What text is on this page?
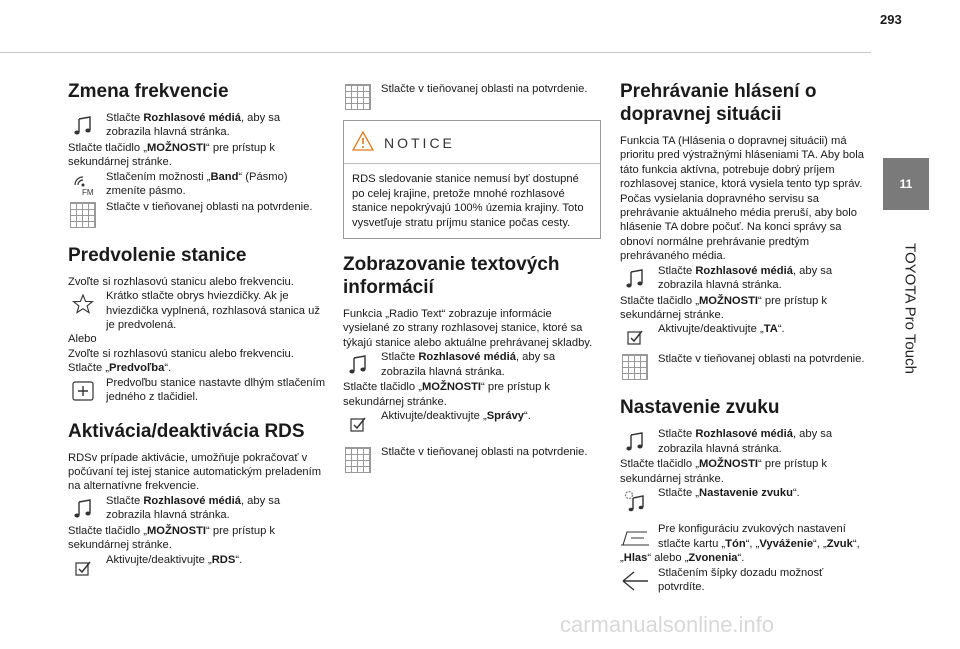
293
11
TOYOTA Pro Touch
Zmena frekvencie
Stlačte Rozhlasové médiá, aby sa zobrazila hlavná stránka.

Stlačte tlačidlo „MOŽNOSTI“ pre prístup k sekundárnej stránke.

FM
Stlačením možnosti „Band“ (Pásmo) zmeníte pásmo.
Stlačte v tieňovanej oblasti na potvrdenie.
Predvolenie stanice

Zvoľte si rozhlasovú stanicu alebo frekvenciu.

Krátko stlačte obrys hviezdičky. Ak je hviezdička vyplnená, rozhlasová stanica už je predvolená.

Alebo

Zvoľte si rozhlasovú stanicu alebo frekvenciu.

Stlačte „Predvoľba“.

Predvoľbu stanice nastavte dlhým stlačením jedného z tlačidiel.
Aktivácia/deaktivácia RDS

RDSv prípade aktivácie, umožňuje pokračovať v počúvaní tej istej stanice automatickým preladením na alternatívne frekvencie.

Stlačte Rozhlasové médiá, aby sa zobrazila hlavná stránka.

Stlačte tlačidlo „MOŽNOSTI“ pre prístup k sekundárnej stránke.

Aktivujte/deaktivujte „RDS“.
Stlačte v tieňovanej oblasti na potvrdenie.
NOTICE
RDS sledovanie stanice nemusí byť dostupné po celej krajine, pretože mnohé rozhlasové stanice nepokrývajú 100% územia krajiny. Toto vysvetľuje stratu príjmu stanice počas cesty.
Zobrazovanie textových informácií

Funkcia „Radio Text“ zobrazuje informácie vysielané zo strany rozhlasovej stanice, ktoré sa týkajú stanice alebo aktuálne prehrávanej skladby.

Stlačte Rozhlasové médiá, aby sa zobrazila hlavná stránka.

Stlačte tlačidlo „MOŽNOSTI“ pre prístup k sekundárnej stránke.

Aktivujte/deaktivujte „Správy“.
Stlačte v tieňovanej oblasti na potvrdenie.
Prehrávanie hlásení o dopravnej situácii

Funkcia TA (Hlásenia o dopravnej situácii) má prioritu pred výstražnými hláseniami TA. Aby bola táto funkcia aktívna, potrebuje dobrý príjem rozhlasovej stanice, ktorá vysiela tento typ správ. Počas vysielania dopravného servisu sa prehrávanie aktuálneho média preruší, aby bolo hlásenie TA dobre počuť. Na konci správy sa obnoví normálne prehrávanie predtým prehrávaného média.

Stlačte Rozhlasové médiá, aby sa zobrazila hlavná stránka.

Stlačte tlačidlo „MOŽNOSTI“ pre prístup k sekundárnej stránke.

Aktivujte/deaktivujte „TA“.
Stlačte v tieňovanej oblasti na potvrdenie.
Nastavenie zvuku
Stlačte Rozhlasové médiá, aby sa zobrazila hlavná stránka.

Stlačte tlačidlo „MOŽNOSTI“ pre prístup k sekundárnej stránke.

Stlačte „Nastavenie zvuku“.
Pre konfiguráciu zvukových nastavení stlačte kartu „Tón“, „Vyváženie“, „Zvuk“, „Hlas“ alebo „Zvonenia“.
Stlačením šípky dozadu možnosť potvrdíte.
carmanualsonline.info
